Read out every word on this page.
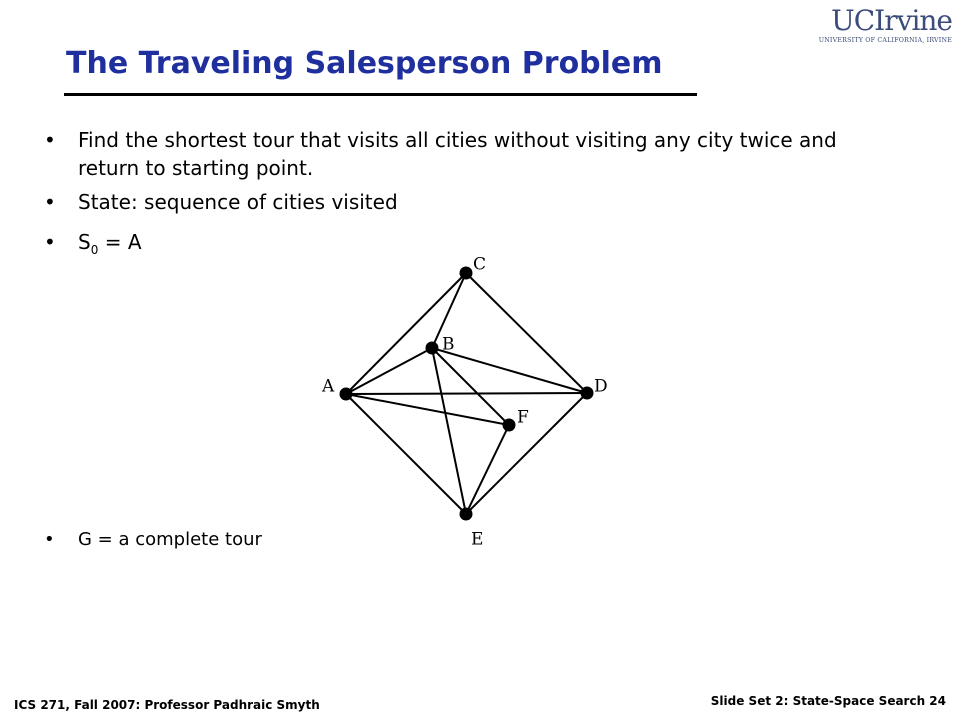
UCIrvine
UNIVERSITY OF CALIFORNIA, IRVINE
The Traveling Salesperson Problem
• Find the shortest tour that visits all cities without visiting any city twice and return to starting point.
• State: sequence of cities visited
• $S_0 = A$
• G = a complete tour
A
B
C
D
E
F
ICS 271, Fall 2007: Professor Padhraic Smyth	Slide Set 2: State-Space Search 24
